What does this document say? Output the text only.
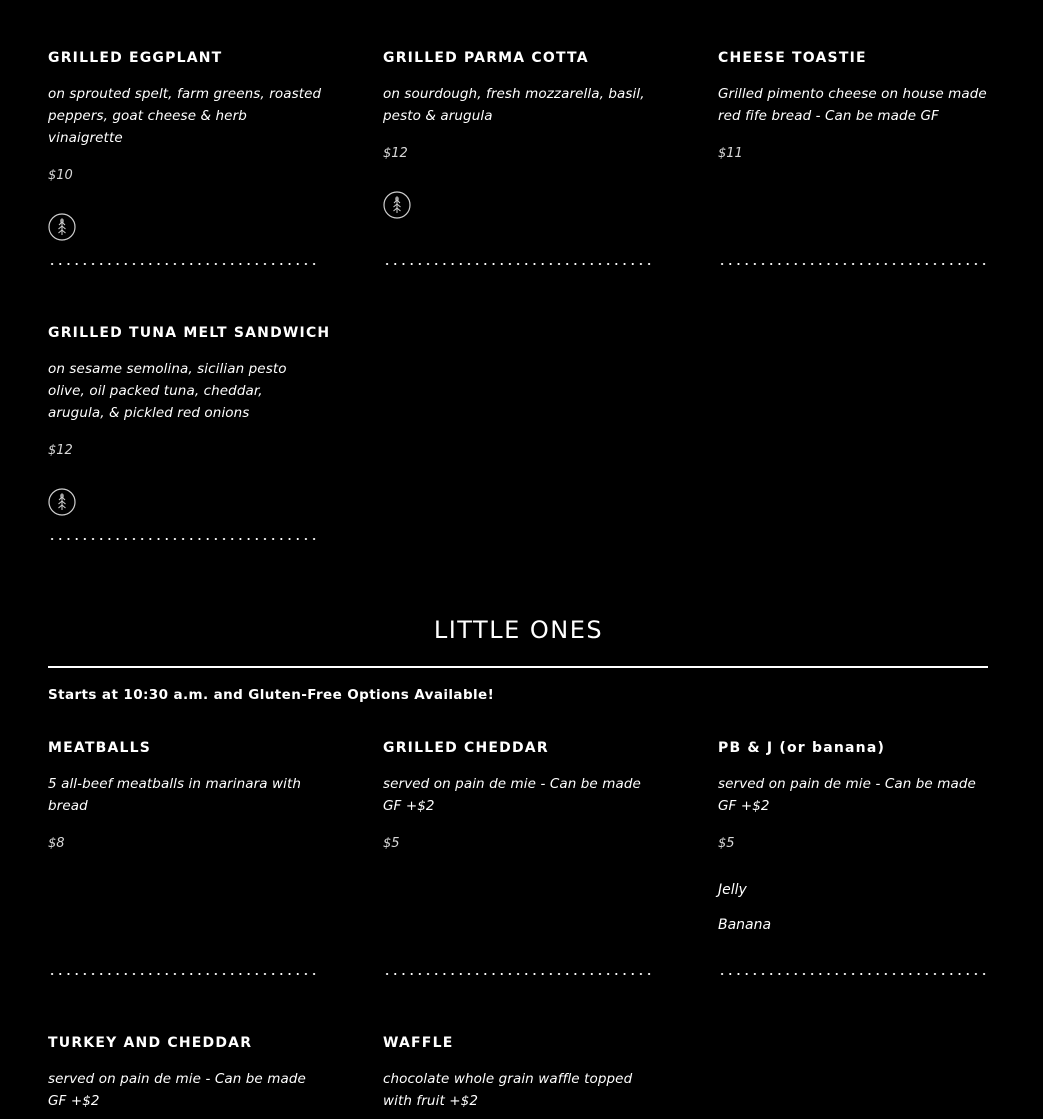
GRILLED EGGPLANT
on sprouted spelt, farm greens, roasted peppers, goat cheese & herb vinaigrette
$10
GRILLED PARMA COTTA
on sourdough, fresh mozzarella, basil, pesto & arugula
$12
CHEESE TOASTIE
Grilled pimento cheese on house made red fife bread - Can be made GF
$11
GRILLED TUNA MELT SANDWICH
on sesame semolina, sicilian pesto olive, oil packed tuna, cheddar, arugula, & pickled red onions
$12
LITTLE ONES
Starts at 10:30 a.m. and Gluten-Free Options Available!
MEATBALLS
5 all-beef meatballs in marinara with bread
$8
GRILLED CHEDDAR
served on pain de mie - Can be made GF +$2
$5
PB & J (or banana)
served on pain de mie - Can be made GF +$2
$5
Jelly
Banana
TURKEY AND CHEDDAR
served on pain de mie - Can be made GF +$2
WAFFLE
chocolate whole grain waffle topped with fruit +$2
